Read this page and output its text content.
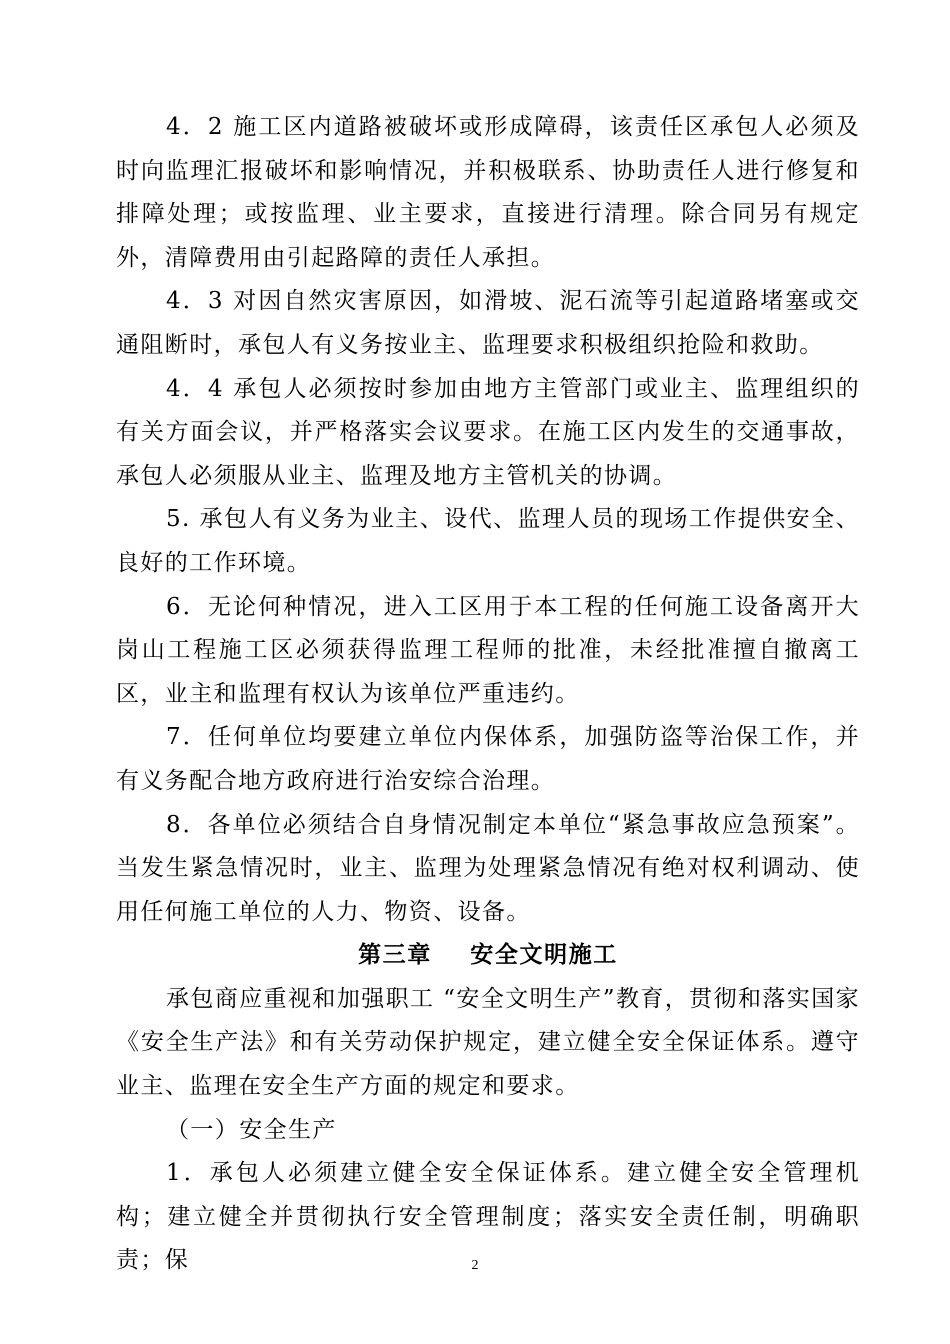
4．2 施工区内道路被破坏或形成障碍，该责任区承包人必须及时向监理汇报破坏和影响情况，并积极联系、协助责任人进行修复和排障处理；或按监理、业主要求，直接进行清理。除合同另有规定外，清障费用由引起路障的责任人承担。

4．3 对因自然灾害原因，如滑坡、泥石流等引起道路堵塞或交通阻断时，承包人有义务按业主、监理要求积极组织抢险和救助。

4．4 承包人必须按时参加由地方主管部门或业主、监理组织的有关方面会议，并严格落实会议要求。在施工区内发生的交通事故，承包人必须服从业主、监理及地方主管机关的协调。

5. 承包人有义务为业主、设代、监理人员的现场工作提供安全、良好的工作环境。

6．无论何种情况，进入工区用于本工程的任何施工设备离开大岗山工程施工区必须获得监理工程师的批准，未经批准擅自撤离工区，业主和监理有权认为该单位严重违约。

7．任何单位均要建立单位内保体系，加强防盗等治保工作，并有义务配合地方政府进行治安综合治理。

8．各单位必须结合自身情况制定本单位“紧急事故应急预案”。当发生紧急情况时，业主、监理为处理紧急情况有绝对权利调动、使用任何施工单位的人力、物资、设备。

第三章    安全文明施工

承包商应重视和加强职工 “安全文明生产”教育，贯彻和落实国家《安全生产法》和有关劳动保护规定，建立健全安全保证体系。遵守业主、监理在安全生产方面的规定和要求。

（一）安全生产

1．承包人必须建立健全安全保证体系。建立健全安全管理机构；建立健全并贯彻执行安全管理制度；落实安全责任制，明确职责；保	2
